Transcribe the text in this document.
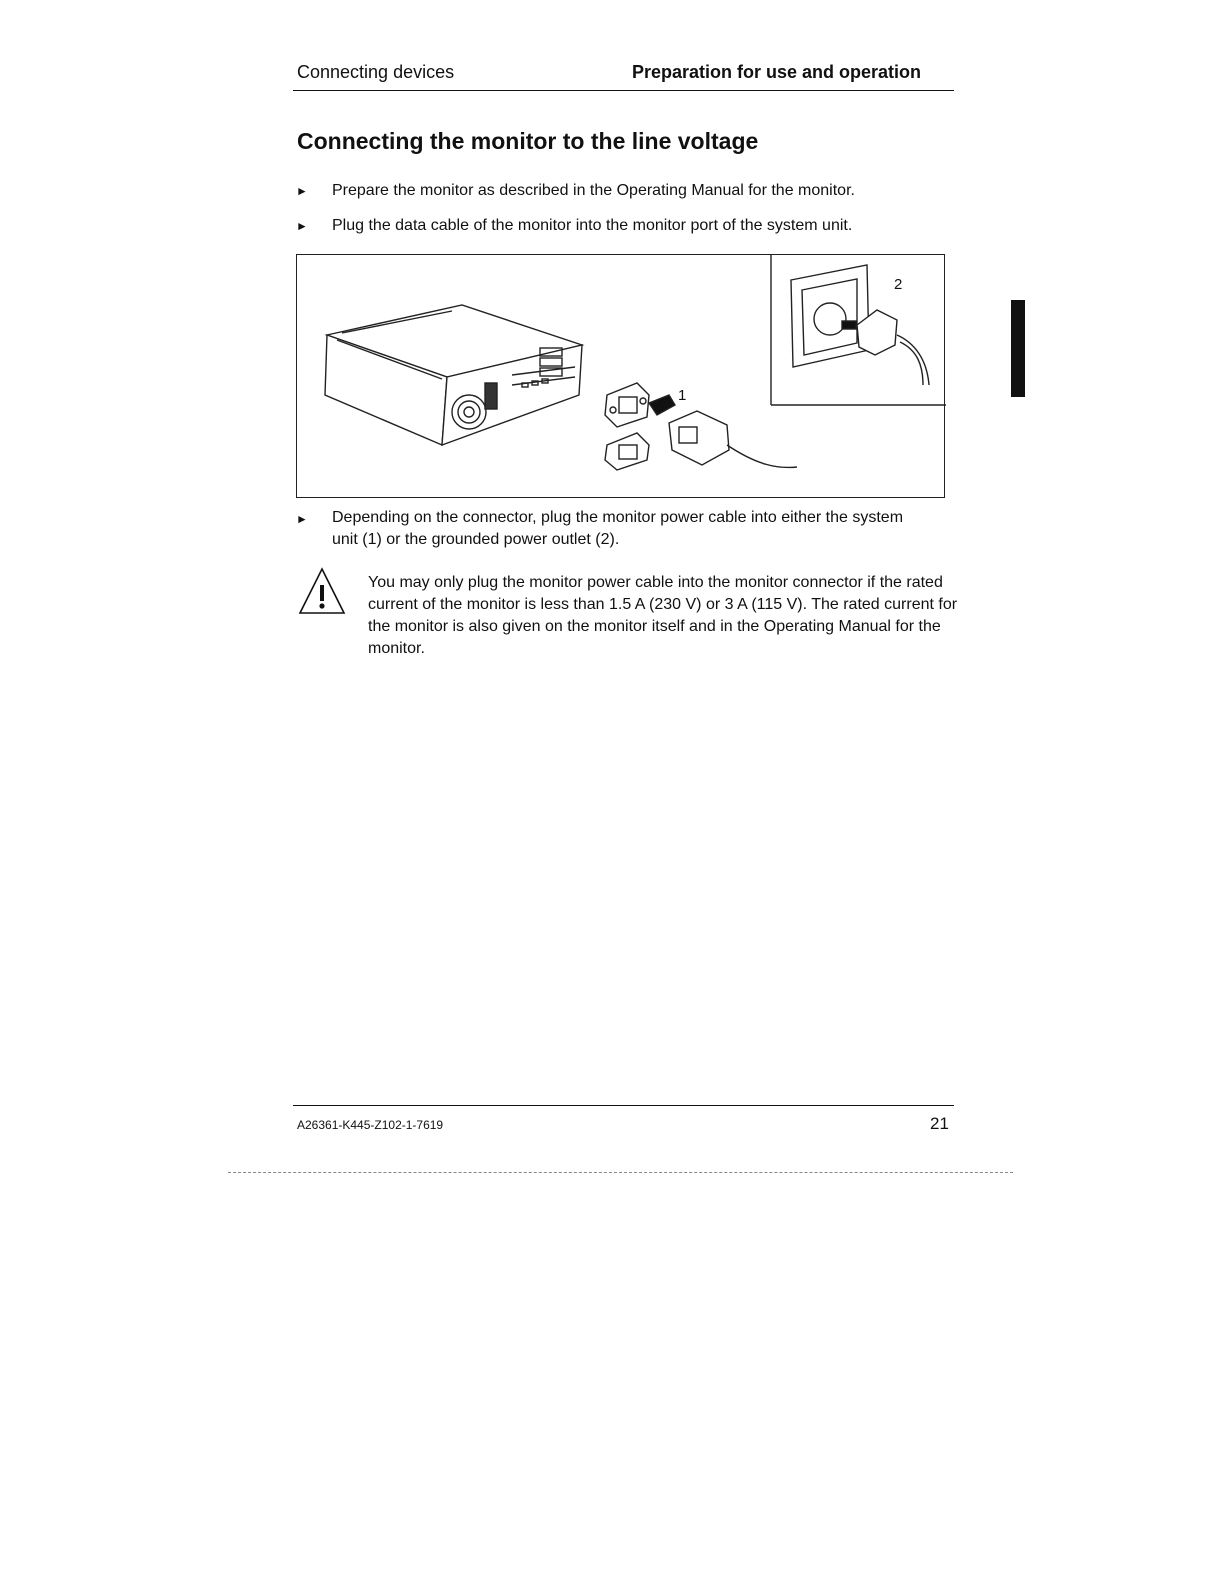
Connecting devices	Preparation for use and operation
Connecting the monitor to the line voltage
► Prepare the monitor as described in the Operating Manual for the monitor.
► Plug the data cable of the monitor into the monitor port of the system unit.
1
2
► Depending on the connector, plug the monitor power cable into either the system unit (1) or the grounded power outlet (2).
You may only plug the monitor power cable into the monitor connector if the rated current of the monitor is less than 1.5 A (230 V) or 3 A (115 V). The rated current for the monitor is also given on the monitor itself and in the Operating Manual for the monitor.
A26361-K445-Z102-1-7619	21
